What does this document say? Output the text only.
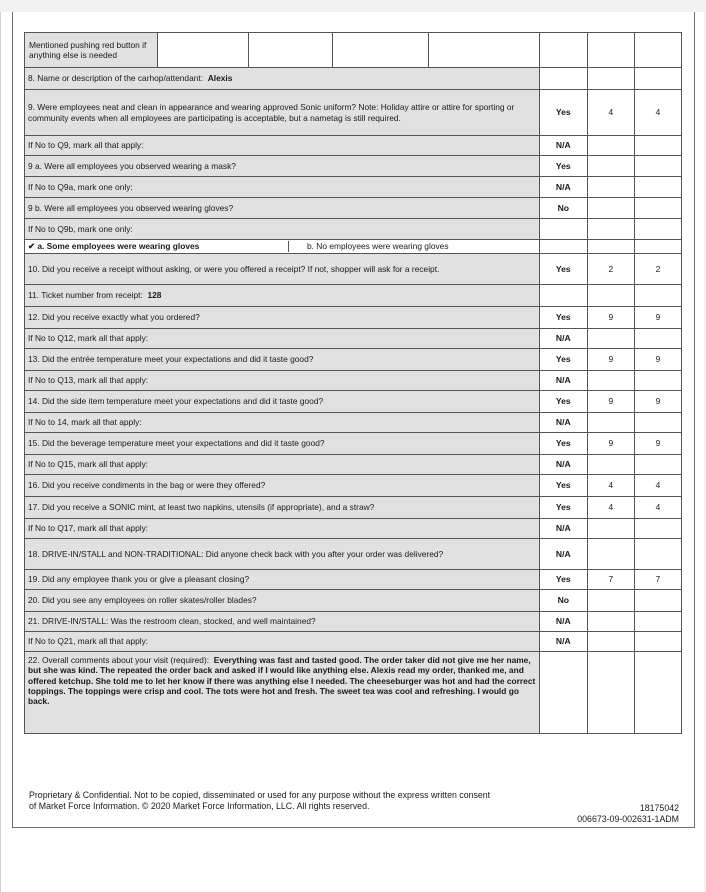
Mentioned pushing red button if anything else is needed				

8. Name or description of the carhop/attendant: Alexis			
9. Were employees neat and clean in appearance and wearing approved Sonic uniform? Note: Holiday attire or attire for sporting or community events when all employees are participating is acceptable, but a nametag is still required.	Yes	4	4
If No to Q9, mark all that apply:	N/A		
9 a. Were all employees you observed wearing a mask?	Yes		
If No to Q9a, mark one only:	N/A		
9 b. Were all employees you observed wearing gloves?	No		
If No to Q9b, mark one only:			

✔ a. Some employees were wearing gloves	b. No employees were wearing gloves

10. Did you receive a receipt without asking, or were you offered a receipt? If not, shopper will ask for a receipt.	Yes	2	2
11. Ticket number from receipt: 128			
12. Did you receive exactly what you ordered?	Yes	9	9
If No to Q12, mark all that apply:	N/A		
13. Did the entrée temperature meet your expectations and did it taste good?	Yes	9	9
If No to Q13, mark all that apply:	N/A		
14. Did the side item temperature meet your expectations and did it taste good?	Yes	9	9
If No to 14, mark all that apply:	N/A		
15. Did the beverage temperature meet your expectations and did it taste good?	Yes	9	9
If No to Q15, mark all that apply:	N/A		
16. Did you receive condiments in the bag or were they offered?	Yes	4	4
17. Did you receive a SONIC mint, at least two napkins, utensils (if appropriate), and a straw?	Yes	4	4
If No to Q17, mark all that apply:	N/A		
18. DRIVE-IN/STALL and NON-TRADITIONAL: Did anyone check back with you after your order was delivered?	N/A		
19. Did any employee thank you or give a pleasant closing?	Yes	7	7
20. Did you see any employees on roller skates/roller blades?	No		
21. DRIVE-IN/STALL: Was the restroom clean, stocked, and well maintained?	N/A		
If No to Q21, mark all that apply:	N/A		
22. Overall comments about your visit (required): Everything was fast and tasted good. The order taker did not give me her name, but she was kind. The repeated the order back and asked if I would like anything else. Alexis read my order, thanked me, and offered ketchup. She told me to let her know if there was anything else I needed. The cheeseburger was hot and had the correct toppings. The toppings were crisp and cool. The tots were hot and fresh. The sweet tea was cool and refreshing. I would go back.			
Proprietary & Confidential. Not to be copied, disseminated or used for any purpose without the express written consent of Market Force Information. © 2020 Market Force Information, LLC. All rights reserved.	18175042
006673-09-002631-1ADM
